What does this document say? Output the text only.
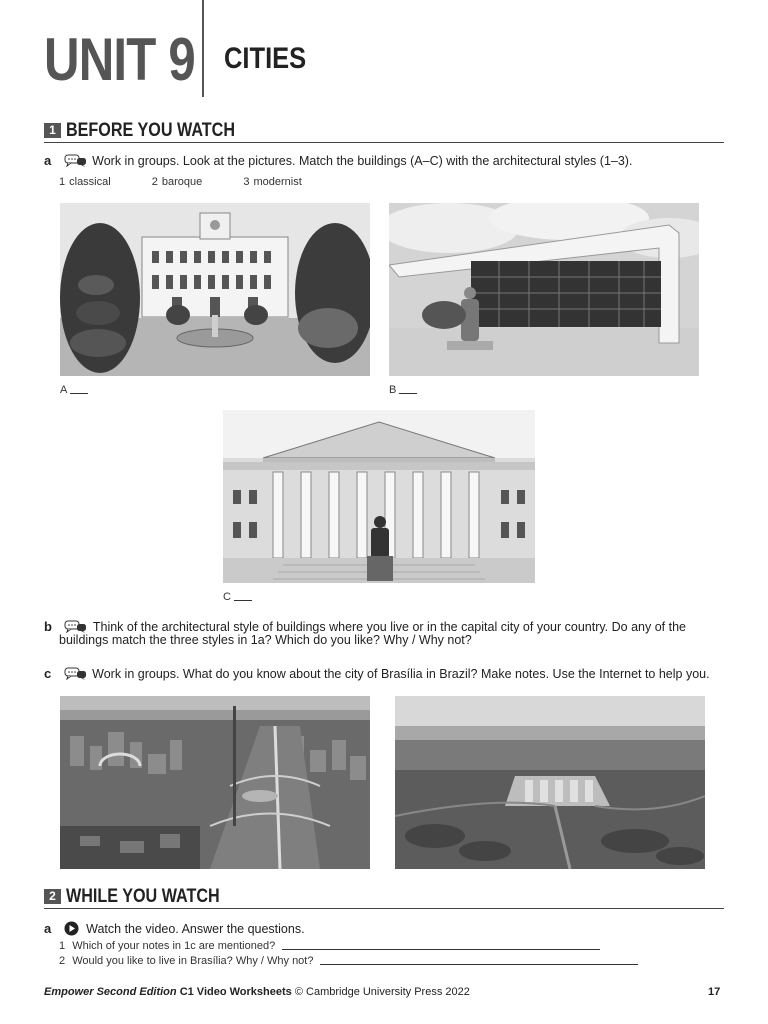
UNIT 9 CITIES
1 BEFORE YOU WATCH
a	Work in groups. Look at the pictures. Match the buildings (A–C) with the architectural styles (1–3).
1 classical	2 baroque	3 modernist
A	B
C
b	Think of the architectural style of buildings where you live or in the capital city of your country. Do any of the
buildings match the three styles in 1a? Which do you like? Why / Why not?
c	Work in groups. What do you know about the city of Brasília in Brazil? Make notes. Use the Internet to help you.
2 WHILE YOU WATCH
a	Watch the video. Answer the questions.
1 Which of your notes in 1c are mentioned?
2 Would you like to live in Brasília? Why / Why not?
Empower Second Edition C1 Video Worksheets © Cambridge University Press 2022	17
